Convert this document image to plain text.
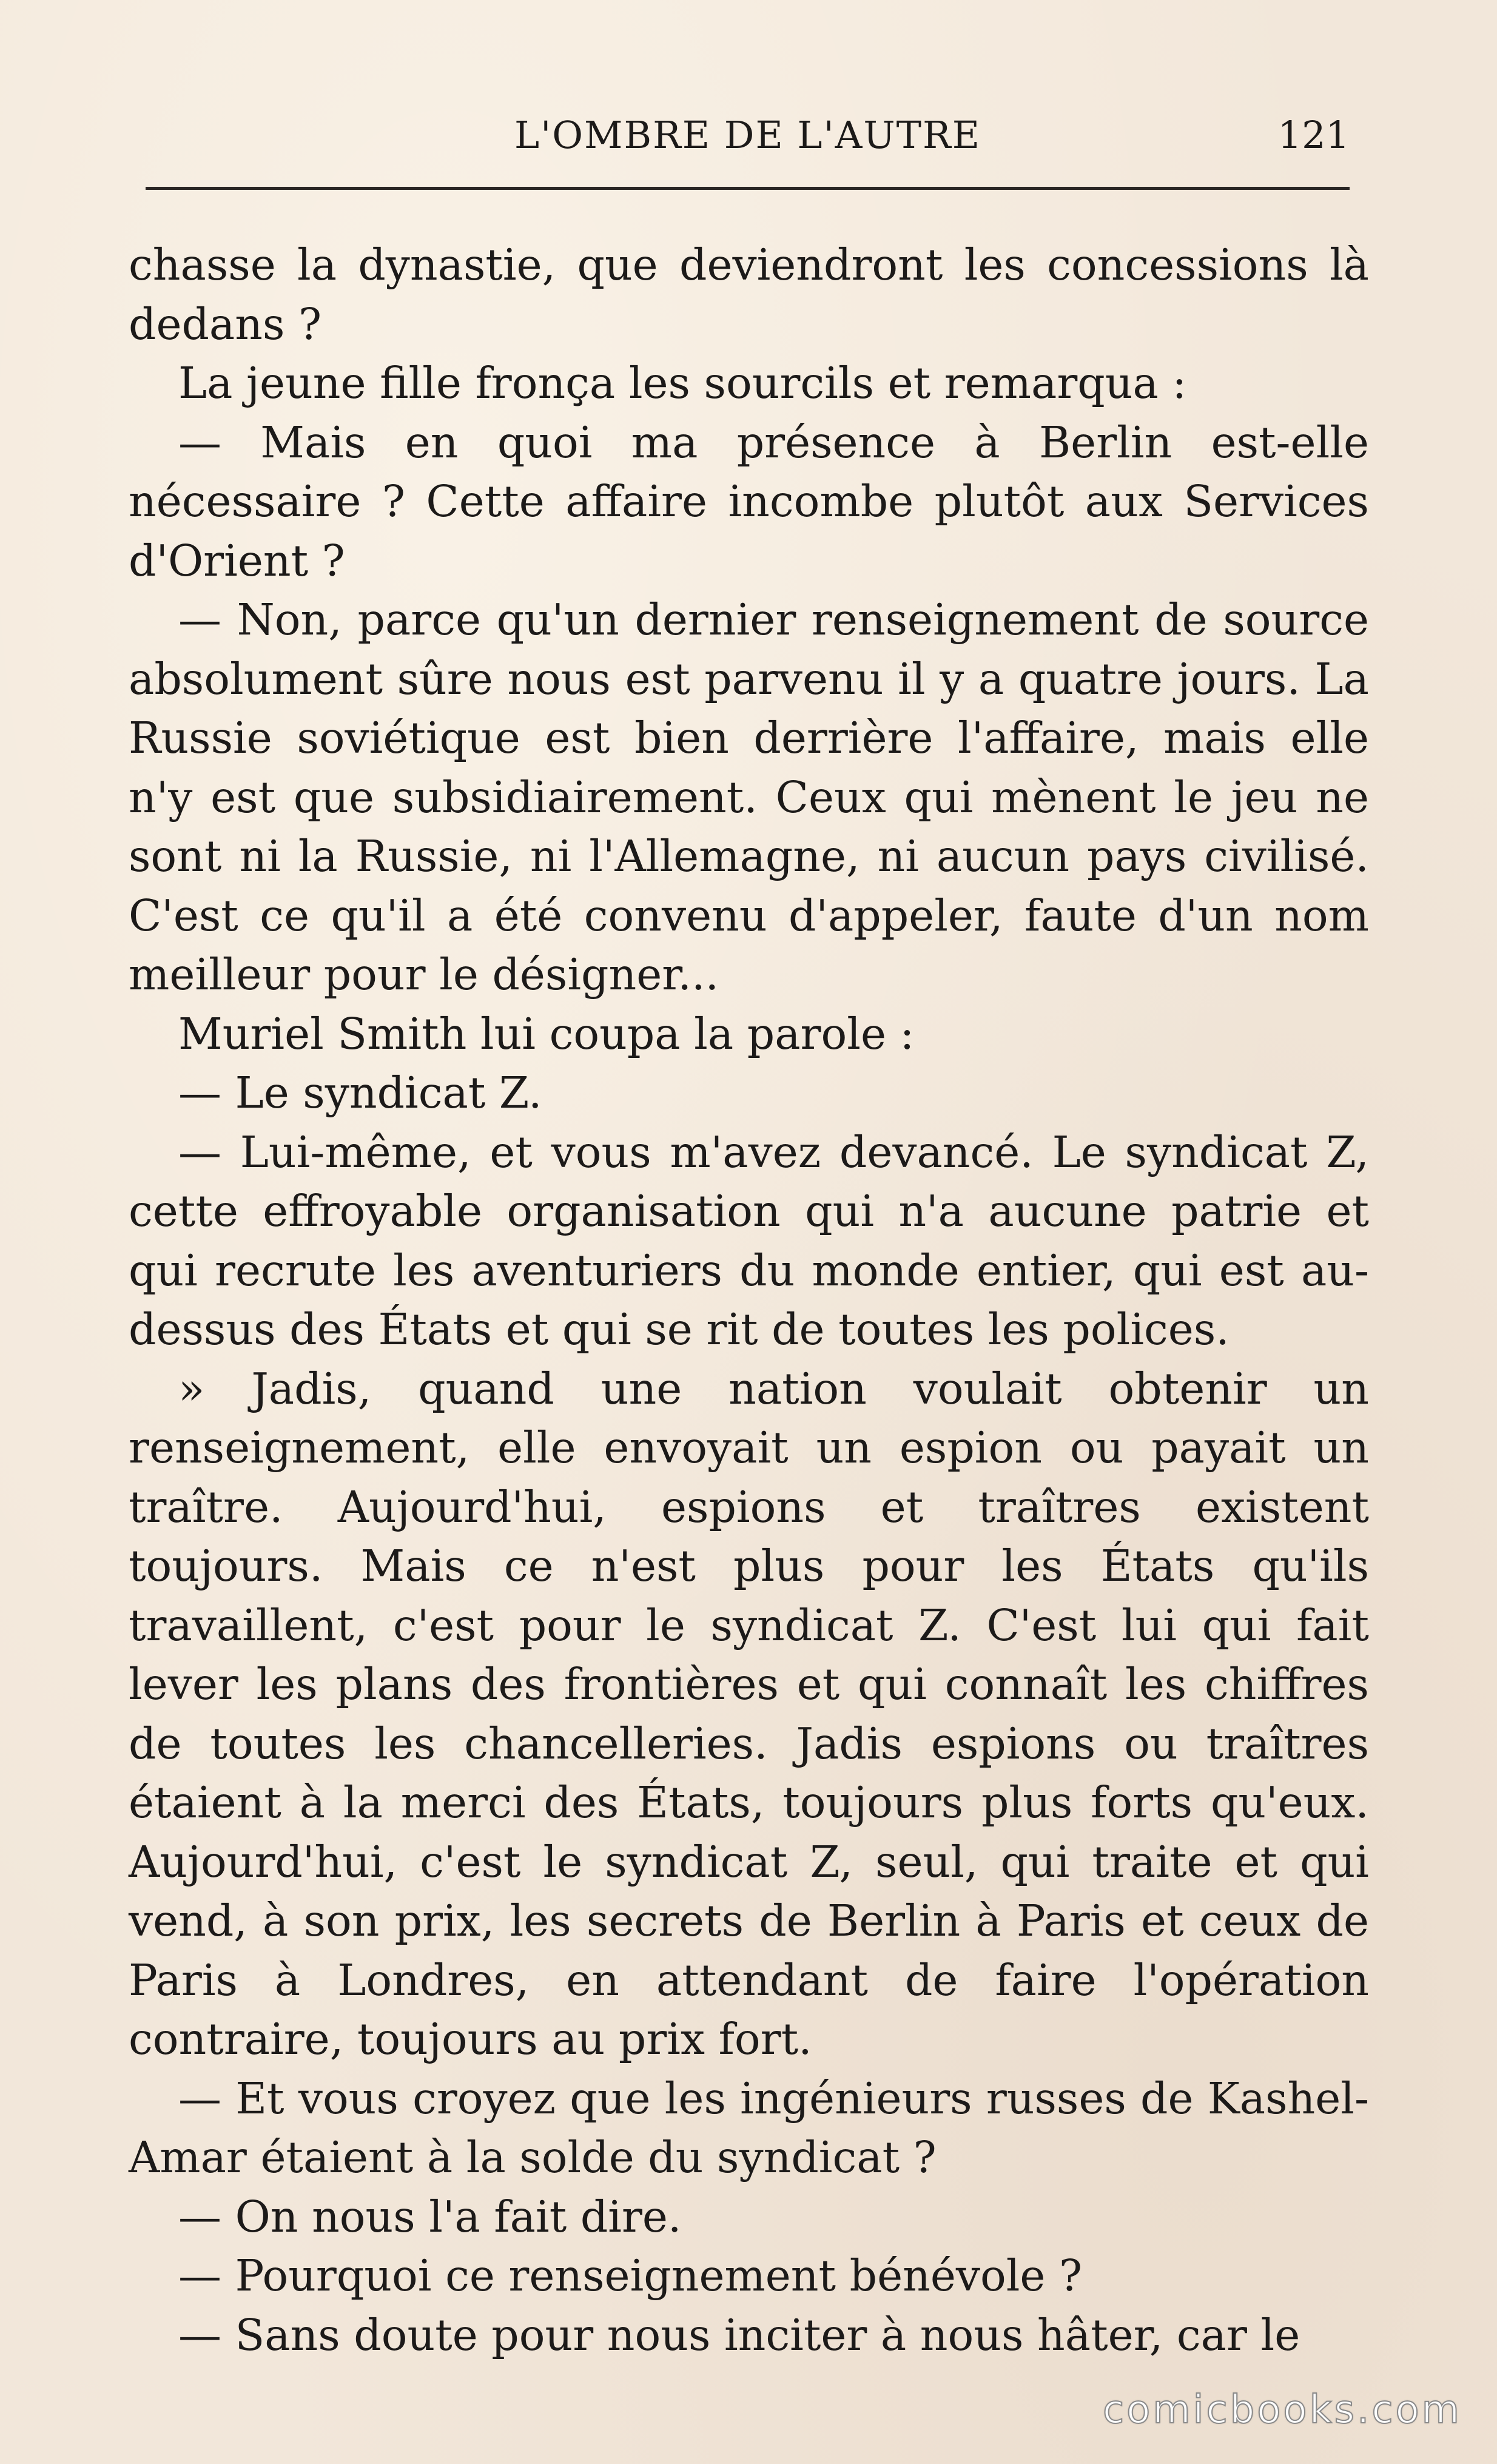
L'OMBRE DE L'AUTRE	121

chasse la dynastie, que deviendront les concessions là dedans ?

La jeune fille fronça les sourcils et remarqua :

— Mais en quoi ma présence à Berlin est-elle nécessaire ? Cette affaire incombe plutôt aux Services d'Orient ?

— Non, parce qu'un dernier renseignement de source absolument sûre nous est parvenu il y a quatre jours. La Russie soviétique est bien derrière l'affaire, mais elle n'y est que subsidiairement. Ceux qui mènent le jeu ne sont ni la Russie, ni l'Allemagne, ni aucun pays civilisé. C'est ce qu'il a été convenu d'appeler, faute d'un nom meilleur pour le désigner...

Muriel Smith lui coupa la parole :

— Le syndicat Z.

— Lui-même, et vous m'avez devancé. Le syndicat Z, cette effroyable organisation qui n'a aucune patrie et qui recrute les aventuriers du monde entier, qui est au-dessus des États et qui se rit de toutes les polices.

» Jadis, quand une nation voulait obtenir un renseignement, elle envoyait un espion ou payait un traître. Aujourd'hui, espions et traîtres existent toujours. Mais ce n'est plus pour les États qu'ils travaillent, c'est pour le syndicat Z. C'est lui qui fait lever les plans des frontières et qui connaît les chiffres de toutes les chancelleries. Jadis espions ou traîtres étaient à la merci des États, toujours plus forts qu'eux. Aujourd'hui, c'est le syndicat Z, seul, qui traite et qui vend, à son prix, les secrets de Berlin à Paris et ceux de Paris à Londres, en attendant de faire l'opération contraire, toujours au prix fort.

— Et vous croyez que les ingénieurs russes de Kashel-Amar étaient à la solde du syndicat ?

— On nous l'a fait dire.

— Pourquoi ce renseignement bénévole ?

— Sans doute pour nous inciter à nous hâter, car le

comicbooks.com
